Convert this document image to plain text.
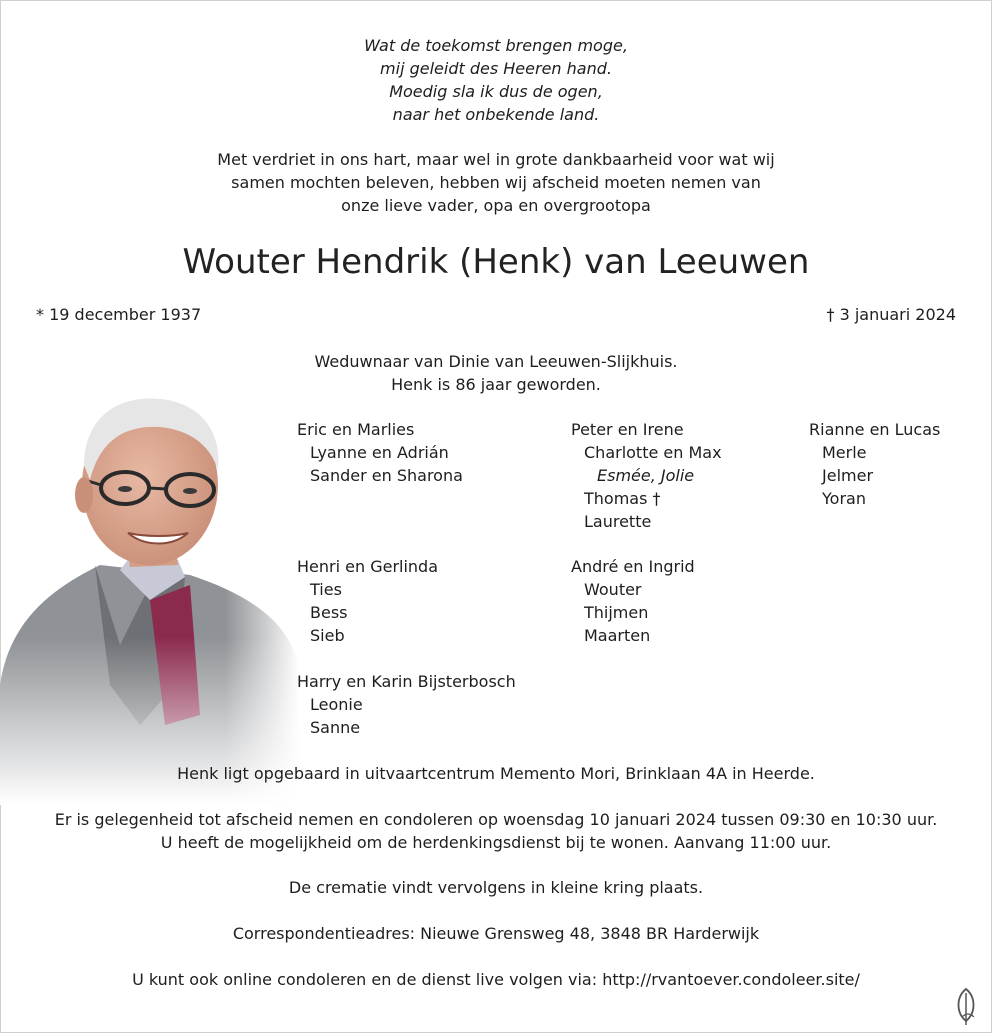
Wat de toekomst brengen moge,
mij geleidt des Heeren hand.
Moedig sla ik dus de ogen,
naar het onbekende land.
Met verdriet in ons hart, maar wel in grote dankbaarheid voor wat wij
samen mochten beleven, hebben wij afscheid moeten nemen van
onze lieve vader, opa en overgrootopa
Wouter Hendrik (Henk) van Leeuwen
* 19 december 1937	† 3 januari 2024
Weduwnaar van Dinie van Leeuwen-Slijkhuis.
Henk is 86 jaar geworden.
Eric en Marlies
Lyanne en Adrián
Sander en Sharona
Peter en Irene
Charlotte en Max
Esmée, Jolie
Thomas †
Laurette
Rianne en Lucas
Merle
Jelmer
Yoran
Henri en Gerlinda
Ties
Bess
Sieb
André en Ingrid
Wouter
Thijmen
Maarten
Harry en Karin Bijsterbosch
Leonie
Sanne
Henk ligt opgebaard in uitvaartcentrum Memento Mori, Brinklaan 4A in Heerde.
Er is gelegenheid tot afscheid nemen en condoleren op woensdag 10 januari 2024 tussen 09:30 en 10:30 uur.
U heeft de mogelijkheid om de herdenkingsdienst bij te wonen. Aanvang 11:00 uur.
De crematie vindt vervolgens in kleine kring plaats.
Correspondentieadres: Nieuwe Grensweg 48, 3848 BR Harderwijk
U kunt ook online condoleren en de dienst live volgen via: http://rvantoever.condoleer.site/
